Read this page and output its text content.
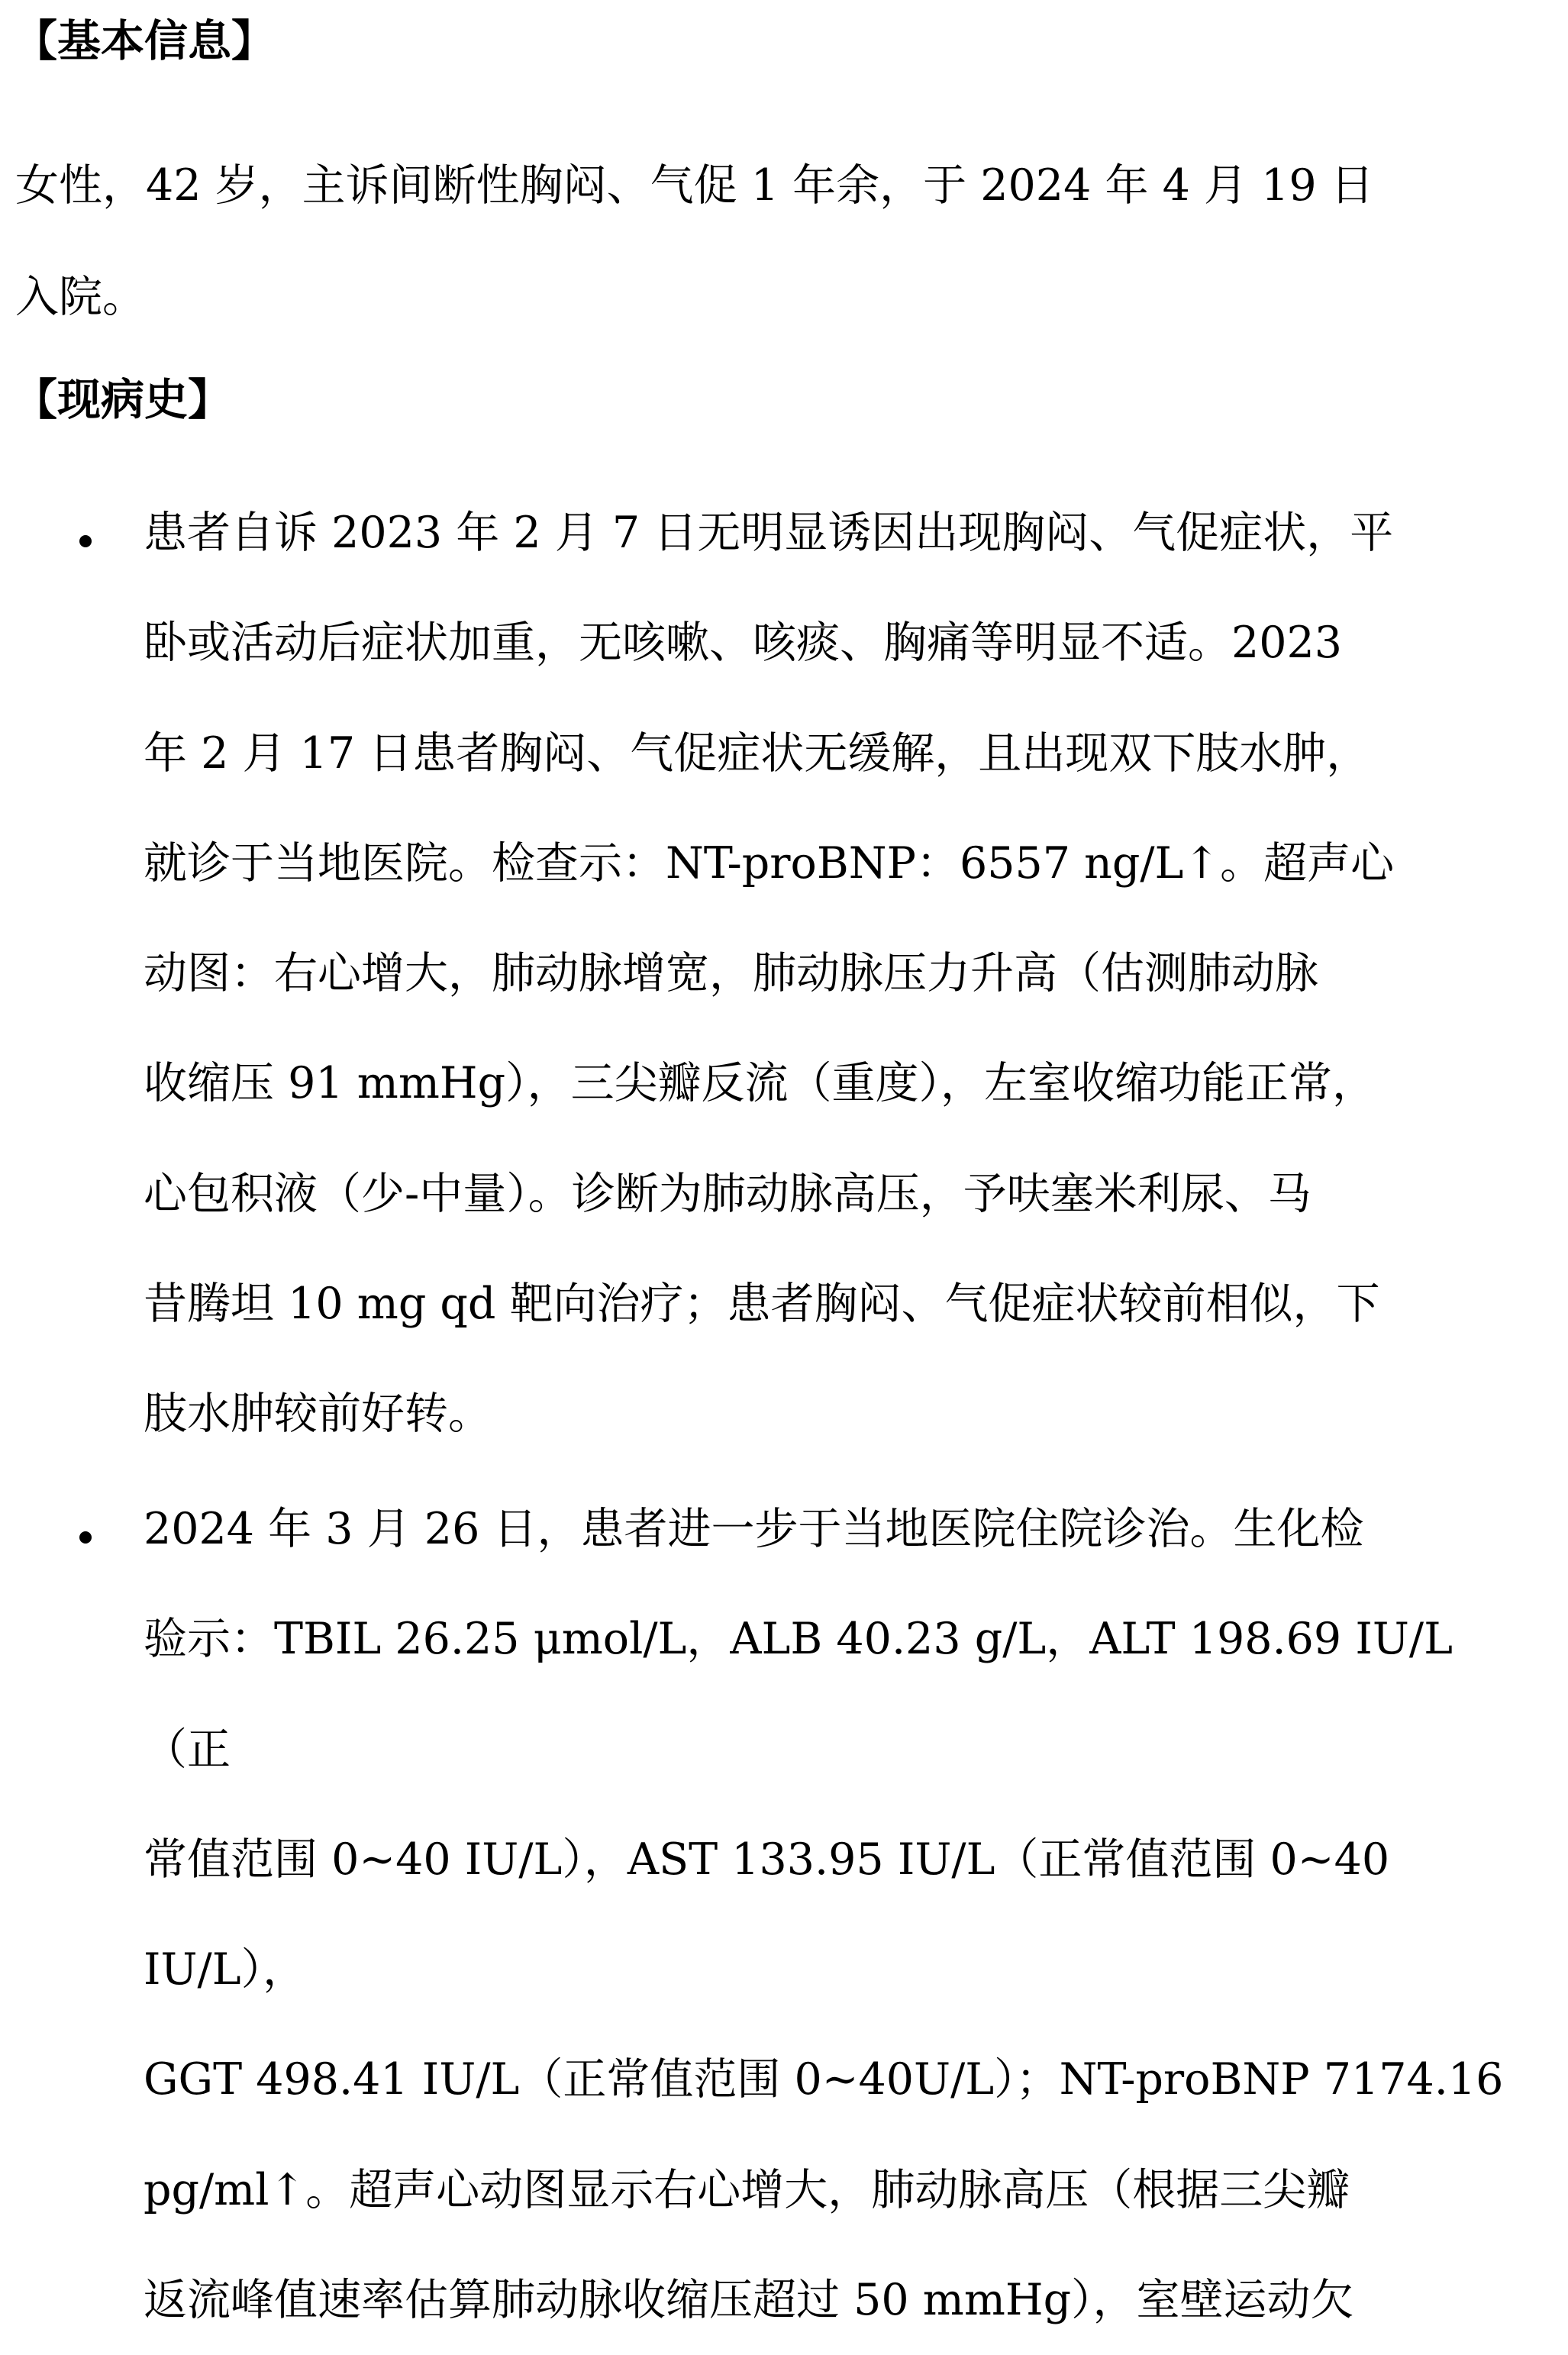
【基本信息】
女性，42 岁，主诉间断性胸闷、气促 1 年余，于 2024 年 4 月 19 日
入院。
【现病史】
患者自诉 2023 年 2 月 7 日无明显诱因出现胸闷、气促症状，平
卧或活动后症状加重，无咳嗽、咳痰、胸痛等明显不适。2023
年 2 月 17 日患者胸闷、气促症状无缓解，且出现双下肢水肿，
就诊于当地医院。检查示：NT-proBNP：6557 ng/L↑。超声心
动图：右心增大，肺动脉增宽，肺动脉压力升高（估测肺动脉
收缩压 91 mmHg），三尖瓣反流（重度），左室收缩功能正常，
心包积液（少-中量）。诊断为肺动脉高压，予呋塞米利尿、马
昔腾坦 10 mg qd 靶向治疗；患者胸闷、气促症状较前相似，下
肢水肿较前好转。
2024 年 3 月 26 日，患者进一步于当地医院住院诊治。生化检
验示：TBIL 26.25 μmol/L，ALB 40.23 g/L，ALT 198.69 IU/L（正
常值范围 0~40 IU/L），AST 133.95 IU/L（正常值范围 0~40 IU/L），
GGT 498.41 IU/L（正常值范围 0~40U/L）；NT-proBNP 7174.16
pg/ml↑。超声心动图显示右心增大，肺动脉高压（根据三尖瓣
返流峰值速率估算肺动脉收缩压超过 50 mmHg），室壁运动欠
